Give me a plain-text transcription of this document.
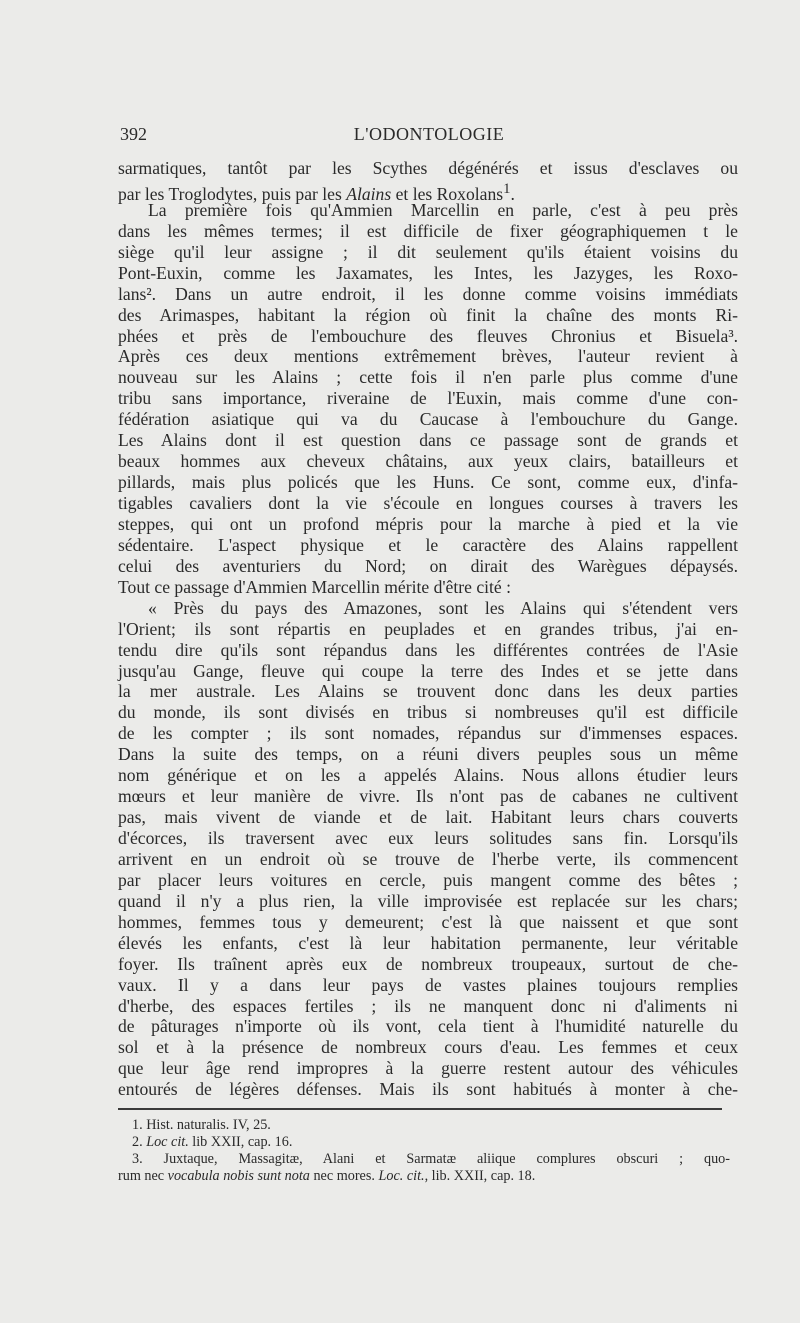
392	L'ODONTOLOGIE
sarmatiques, tantôt par les Scythes dégénérés et issus d'esclaves ou
par les Troglodytes, puis par les Alains et les Roxolans$^1$.
La première fois qu'Ammien Marcellin en parle, c'est à peu près
dans les mêmes termes; il est difficile de fixer géographiquemen t le
siège qu'il leur assigne ; il dit seulement qu'ils étaient voisins du
Pont-Euxin, comme les Jaxamates, les Intes, les Jazyges, les Roxo-
lans². Dans un autre endroit, il les donne comme voisins immédiats
des Arimaspes, habitant la région où finit la chaîne des monts Ri-
phées et près de l'embouchure des fleuves Chronius et Bisuela³.
Après ces deux mentions extrêmement brèves, l'auteur revient à
nouveau sur les Alains ; cette fois il n'en parle plus comme d'une
tribu sans importance, riveraine de l'Euxin, mais comme d'une con-
fédération asiatique qui va du Caucase à l'embouchure du Gange.
Les Alains dont il est question dans ce passage sont de grands et
beaux hommes aux cheveux châtains, aux yeux clairs, batailleurs et
pillards, mais plus policés que les Huns. Ce sont, comme eux, d'infa-
tigables cavaliers dont la vie s'écoule en longues courses à travers les
steppes, qui ont un profond mépris pour la marche à pied et la vie
sédentaire. L'aspect physique et le caractère des Alains rappellent
celui des aventuriers du Nord; on dirait des Warègues dépaysés.
Tout ce passage d'Ammien Marcellin mérite d'être cité :
« Près du pays des Amazones, sont les Alains qui s'étendent vers
l'Orient; ils sont répartis en peuplades et en grandes tribus, j'ai en-
tendu dire qu'ils sont répandus dans les différentes contrées de l'Asie
jusqu'au Gange, fleuve qui coupe la terre des Indes et se jette dans
la mer australe. Les Alains se trouvent donc dans les deux parties
du monde, ils sont divisés en tribus si nombreuses qu'il est difficile
de les compter ; ils sont nomades, répandus sur d'immenses espaces.
Dans la suite des temps, on a réuni divers peuples sous un même
nom générique et on les a appelés Alains. Nous allons étudier leurs
mœurs et leur manière de vivre. Ils n'ont pas de cabanes ne cultivent
pas, mais vivent de viande et de lait. Habitant leurs chars couverts
d'écorces, ils traversent avec eux leurs solitudes sans fin. Lorsqu'ils
arrivent en un endroit où se trouve de l'herbe verte, ils commencent
par placer leurs voitures en cercle, puis mangent comme des bêtes ;
quand il n'y a plus rien, la ville improvisée est replacée sur les chars;
hommes, femmes tous y demeurent; c'est là que naissent et que sont
élevés les enfants, c'est là leur habitation permanente, leur véritable
foyer. Ils traînent après eux de nombreux troupeaux, surtout de che-
vaux. Il y a dans leur pays de vastes plaines toujours remplies
d'herbe, des espaces fertiles ; ils ne manquent donc ni d'aliments ni
de pâturages n'importe où ils vont, cela tient à l'humidité naturelle du
sol et à la présence de nombreux cours d'eau. Les femmes et ceux
que leur âge rend impropres à la guerre restent autour des véhicules
entourés de légères défenses. Mais ils sont habitués à monter à che-
1. Hist. naturalis. IV, 25.
2. Loc cit. lib XXII, cap. 16.
3. Juxtaque, Massagitæ, Alani et Sarmatæ aliique complures obscuri ; quo-
rum nec vocabula nobis sunt nota nec mores. Loc. cit., lib. XXII, cap. 18.
